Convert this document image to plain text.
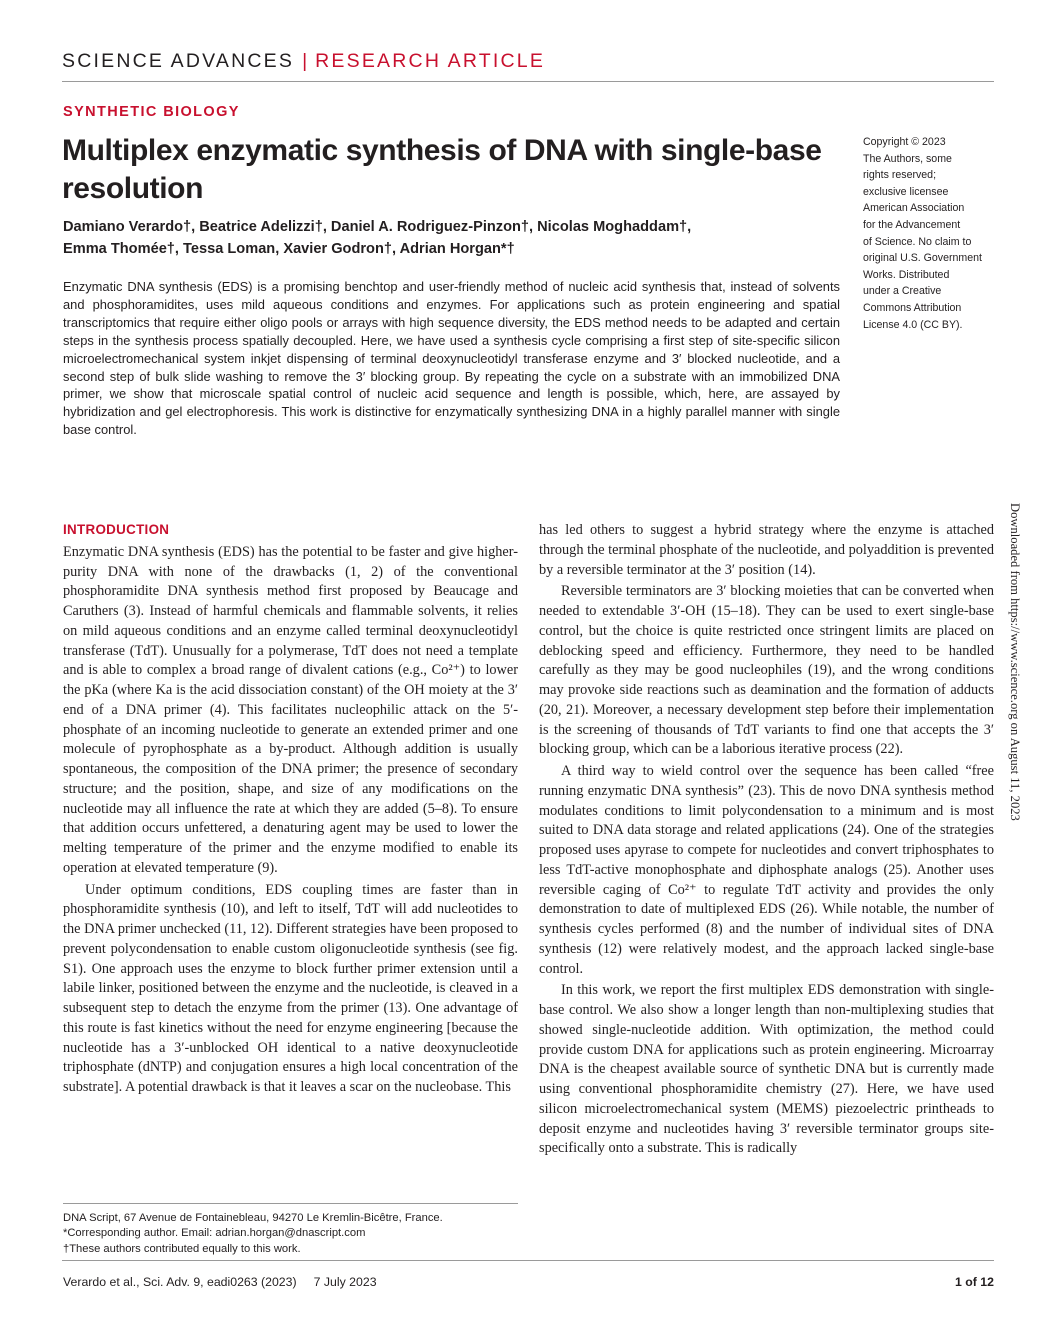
SCIENCE ADVANCES | RESEARCH ARTICLE
SYNTHETIC BIOLOGY
Multiplex enzymatic synthesis of DNA with single-base resolution
Damiano Verardo†, Beatrice Adelizzi†, Daniel A. Rodriguez-Pinzon†, Nicolas Moghaddam†,
Emma Thomée†, Tessa Loman, Xavier Godron†, Adrian Horgan*†

Enzymatic DNA synthesis (EDS) is a promising benchtop and user-friendly method of nucleic acid synthesis that, instead of solvents and phosphoramidites, uses mild aqueous conditions and enzymes. For applications such as protein engineering and spatial transcriptomics that require either oligo pools or arrays with high sequence diversity, the EDS method needs to be adapted and certain steps in the synthesis process spatially decoupled. Here, we have used a synthesis cycle comprising a first step of site-specific silicon microelectromechanical system inkjet dispensing of terminal deoxynucleotidyl transferase enzyme and 3′ blocked nucleotide, and a second step of bulk slide washing to remove the 3′ blocking group. By repeating the cycle on a substrate with an immobilized DNA primer, we show that microscale spatial control of nucleic acid sequence and length is possible, which, here, are assayed by hybridization and gel electrophoresis. This work is distinctive for enzymatically synthesizing DNA in a highly parallel manner with single base control.

Copyright © 2023
The Authors, some
rights reserved;
exclusive licensee
American Association
for the Advancement
of Science. No claim to
original U.S. Government
Works. Distributed
under a Creative
Commons Attribution
License 4.0 (CC BY).
Downloaded from https://www.science.org on August 11, 2023
INTRODUCTION

Enzymatic DNA synthesis (EDS) has the potential to be faster and give higher-purity DNA with none of the drawbacks (1, 2) of the conventional phosphoramidite DNA synthesis method first proposed by Beaucage and Caruthers (3). Instead of harmful chemicals and flammable solvents, it relies on mild aqueous conditions and an enzyme called terminal deoxynucleotidyl transferase (TdT). Unusually for a polymerase, TdT does not need a template and is able to complex a broad range of divalent cations (e.g., Co²⁺) to lower the pKa (where Ka is the acid dissociation constant) of the OH moiety at the 3′ end of a DNA primer (4). This facilitates nucleophilic attack on the 5′-phosphate of an incoming nucleotide to generate an extended primer and one molecule of pyrophosphate as a by-product. Although addition is usually spontaneous, the composition of the DNA primer; the presence of secondary structure; and the position, shape, and size of any modifications on the nucleotide may all influence the rate at which they are added (5–8). To ensure that addition occurs unfettered, a denaturing agent may be used to lower the melting temperature of the primer and the enzyme modified to enable its operation at elevated temperature (9).

Under optimum conditions, EDS coupling times are faster than in phosphoramidite synthesis (10), and left to itself, TdT will add nucleotides to the DNA primer unchecked (11, 12). Different strategies have been proposed to prevent polycondensation to enable custom oligonucleotide synthesis (see fig. S1). One approach uses the enzyme to block further primer extension until a labile linker, positioned between the enzyme and the nucleotide, is cleaved in a subsequent step to detach the enzyme from the primer (13). One advantage of this route is fast kinetics without the need for enzyme engineering [because the nucleotide has a 3′-unblocked OH identical to a native deoxynucleotide triphosphate (dNTP) and conjugation ensures a high local concentration of the substrate]. A potential drawback is that it leaves a scar on the nucleobase. This

has led others to suggest a hybrid strategy where the enzyme is attached through the terminal phosphate of the nucleotide, and polyaddition is prevented by a reversible terminator at the 3′ position (14).

Reversible terminators are 3′ blocking moieties that can be converted when needed to extendable 3′-OH (15–18). They can be used to exert single-base control, but the choice is quite restricted once stringent limits are placed on deblocking speed and efficiency. Furthermore, they need to be handled carefully as they may be good nucleophiles (19), and the wrong conditions may provoke side reactions such as deamination and the formation of adducts (20, 21). Moreover, a necessary development step before their implementation is the screening of thousands of TdT variants to find one that accepts the 3′ blocking group, which can be a laborious iterative process (22).

A third way to wield control over the sequence has been called “free running enzymatic DNA synthesis” (23). This de novo DNA synthesis method modulates conditions to limit polycondensation to a minimum and is most suited to DNA data storage and related applications (24). One of the strategies proposed uses apyrase to compete for nucleotides and convert triphosphates to less TdT-active monophosphate and diphosphate analogs (25). Another uses reversible caging of Co²⁺ to regulate TdT activity and provides the only demonstration to date of multiplexed EDS (26). While notable, the number of synthesis cycles performed (8) and the number of individual sites of DNA synthesis (12) were relatively modest, and the approach lacked single-base control.

In this work, we report the first multiplex EDS demonstration with single-base control. We also show a longer length than non-multiplexing studies that showed single-nucleotide addition. With optimization, the method could provide custom DNA for applications such as protein engineering. Microarray DNA is the cheapest available source of synthetic DNA but is currently made using conventional phosphoramidite chemistry (27). Here, we have used silicon microelectromechanical system (MEMS) piezoelectric printheads to deposit enzyme and nucleotides having 3′ reversible terminator groups site-specifically onto a substrate. This is radically

DNA Script, 67 Avenue de Fontainebleau, 94270 Le Kremlin-Bicêtre, France.
*Corresponding author. Email: adrian.horgan@dnascript.com
†These authors contributed equally to this work.
Verardo et al., Sci. Adv. 9, eadi0263 (2023)     7 July 2023	1 of 12
